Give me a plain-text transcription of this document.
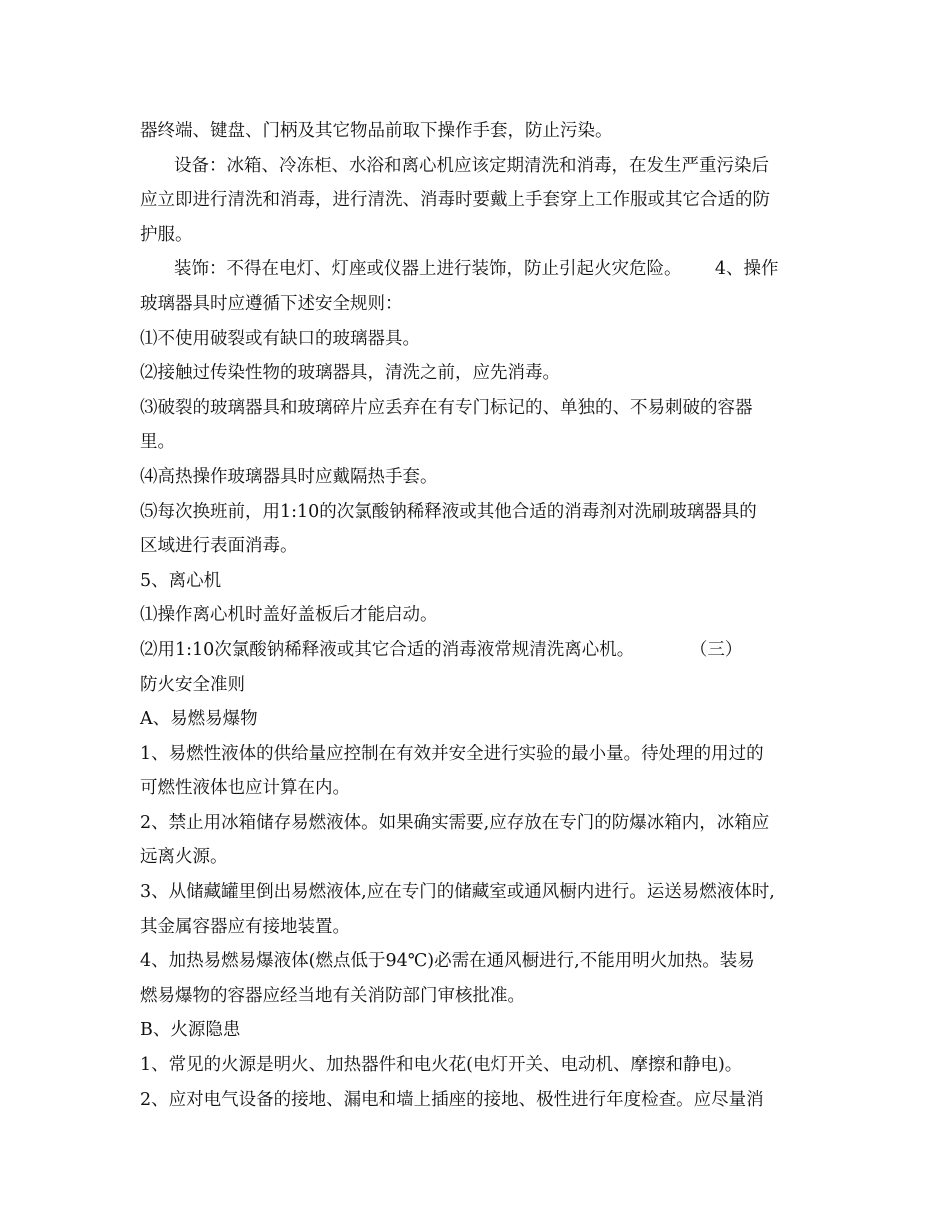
器终端、键盘、门柄及其它物品前取下操作手套，防止污染。
设备：冰箱、冷冻柜、水浴和离心机应该定期清洗和消毒，在发生严重污染后
应立即进行清洗和消毒，进行清洗、消毒时要戴上手套穿上工作服或其它合适的防
护服。
装饰：不得在电灯、灯座或仪器上进行装饰，防止引起火灾危险。      4、操作
玻璃器具时应遵循下述安全规则：
⑴不使用破裂或有缺口的玻璃器具。
⑵接触过传染性物的玻璃器具，清洗之前，应先消毒。
⑶破裂的玻璃器具和玻璃碎片应丢弃在有专门标记的、单独的、不易刺破的容器
里。
⑷高热操作玻璃器具时应戴隔热手套。
⑸每次换班前，用1:10的次氯酸钠稀释液或其他合适的消毒剂对洗刷玻璃器具的
区域进行表面消毒。
5、离心机
⑴操作离心机时盖好盖板后才能启动。
⑵用1:10次氯酸钠稀释液或其它合适的消毒液常规清洗离心机。          （三）
防火安全准则
A、易燃易爆物
1、易燃性液体的供给量应控制在有效并安全进行实验的最小量。待处理的用过的
可燃性液体也应计算在内。
2、禁止用冰箱储存易燃液体。如果确实需要,应存放在专门的防爆冰箱内，冰箱应
远离火源。
3、从储藏罐里倒出易燃液体,应在专门的储藏室或通风橱内进行。运送易燃液体时,
其金属容器应有接地装置。
4、加热易燃易爆液体(燃点低于94℃)必需在通风橱进行,不能用明火加热。装易
燃易爆物的容器应经当地有关消防部门审核批准。
B、火源隐患
1、常见的火源是明火、加热器件和电火花(电灯开关、电动机、摩擦和静电)。
2、应对电气设备的接地、漏电和墙上插座的接地、极性进行年度检查。应尽量消
